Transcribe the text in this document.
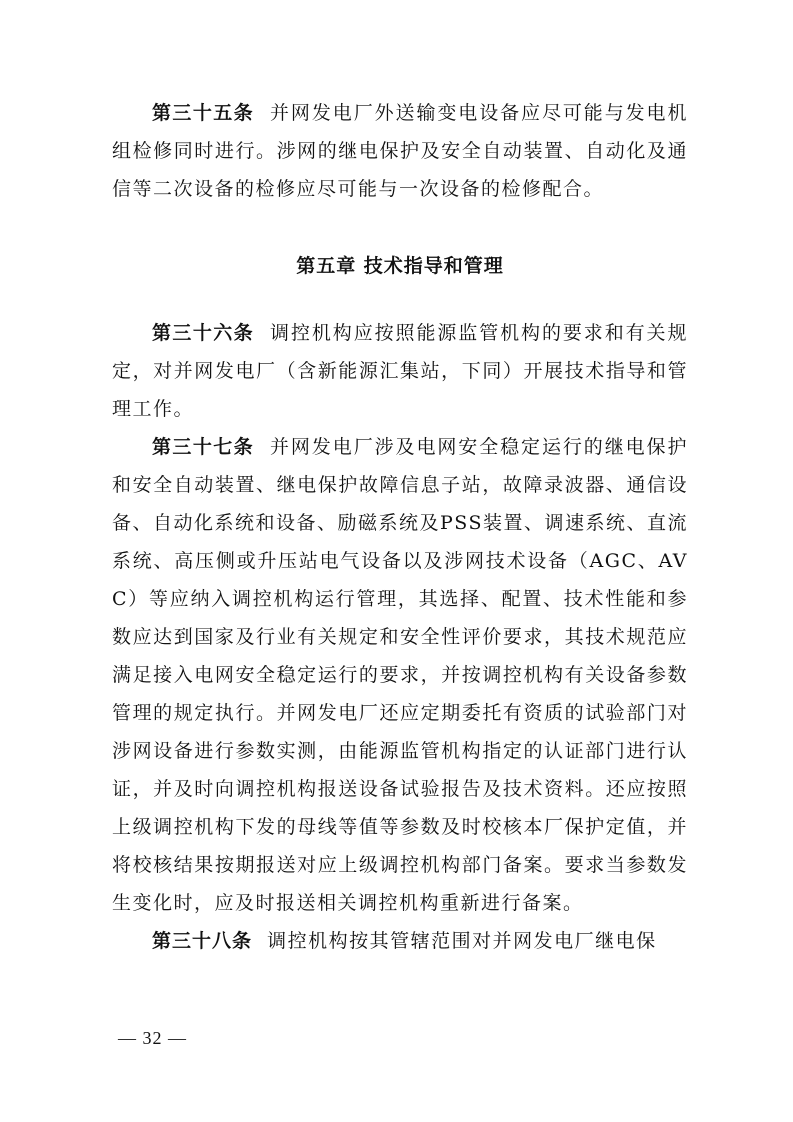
第三十五条 并网发电厂外送输变电设备应尽可能与发电机组检修同时进行。涉网的继电保护及安全自动装置、自动化及通信等二次设备的检修应尽可能与一次设备的检修配合。

第五章 技术指导和管理

第三十六条 调控机构应按照能源监管机构的要求和有关规定，对并网发电厂（含新能源汇集站，下同）开展技术指导和管理工作。

第三十七条 并网发电厂涉及电网安全稳定运行的继电保护和安全自动装置、继电保护故障信息子站，故障录波器、通信设备、自动化系统和设备、励磁系统及PSS装置、调速系统、直流系统、高压侧或升压站电气设备以及涉网技术设备（AGC、AVC）等应纳入调控机构运行管理，其选择、配置、技术性能和参数应达到国家及行业有关规定和安全性评价要求，其技术规范应满足接入电网安全稳定运行的要求，并按调控机构有关设备参数管理的规定执行。并网发电厂还应定期委托有资质的试验部门对涉网设备进行参数实测，由能源监管机构指定的认证部门进行认证，并及时向调控机构报送设备试验报告及技术资料。还应按照上级调控机构下发的母线等值等参数及时校核本厂保护定值，并将校核结果按期报送对应上级调控机构部门备案。要求当参数发生变化时，应及时报送相关调控机构重新进行备案。

第三十八条 调控机构按其管辖范围对并网发电厂继电保

— 32 —
